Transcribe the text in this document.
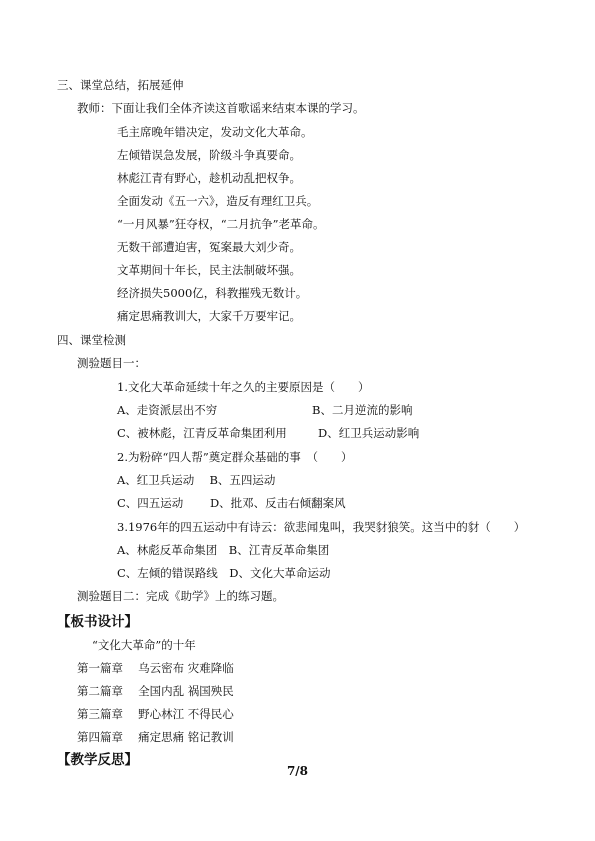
三、课堂总结，拓展延伸
教师：下面让我们全体齐读这首歌谣来结束本课的学习。
毛主席晚年错决定，发动文化大革命。
左倾错误急发展，阶级斗争真要命。
林彪江青有野心，趁机动乱把权争。
全面发动《五一六》，造反有理红卫兵。
“一月风暴”狂夺权，“二月抗争”老革命。
无数干部遭迫害，冤案最大刘少奇。
文革期间十年长，民主法制破坏强。
经济损失5000亿，科教摧残无数计。
痛定思痛教训大，大家千万要牢记。
四、课堂检测
测验题目一：
1.文化大革命延续十年之久的主要原因是（　　）
A、走资派层出不穷	B、二月逆流的影响
C、被林彪，江青反革命集团利用	D、红卫兵运动影响
2.为粉碎“四人帮”奠定群众基础的事　（　　）
A、红卫兵运动　 B、五四运动
C、四五运动　　 D、批邓、反击右倾翻案风
3.1976年的四五运动中有诗云：欲悲闻鬼叫，我哭豺狼笑。这当中的豺（　　）
A、林彪反革命集团　B、江青反革命集团
C、左倾的错误路线　D、文化大革命运动
测验题目二：完成《助学》上的练习题。
【板书设计】
“文化大革命”的十年
第一篇章　 乌云密布 灾难降临
第二篇章　 全国内乱 祸国殃民
第三篇章　 野心林江 不得民心
第四篇章　 痛定思痛 铭记教训
【教学反思】
7/8
